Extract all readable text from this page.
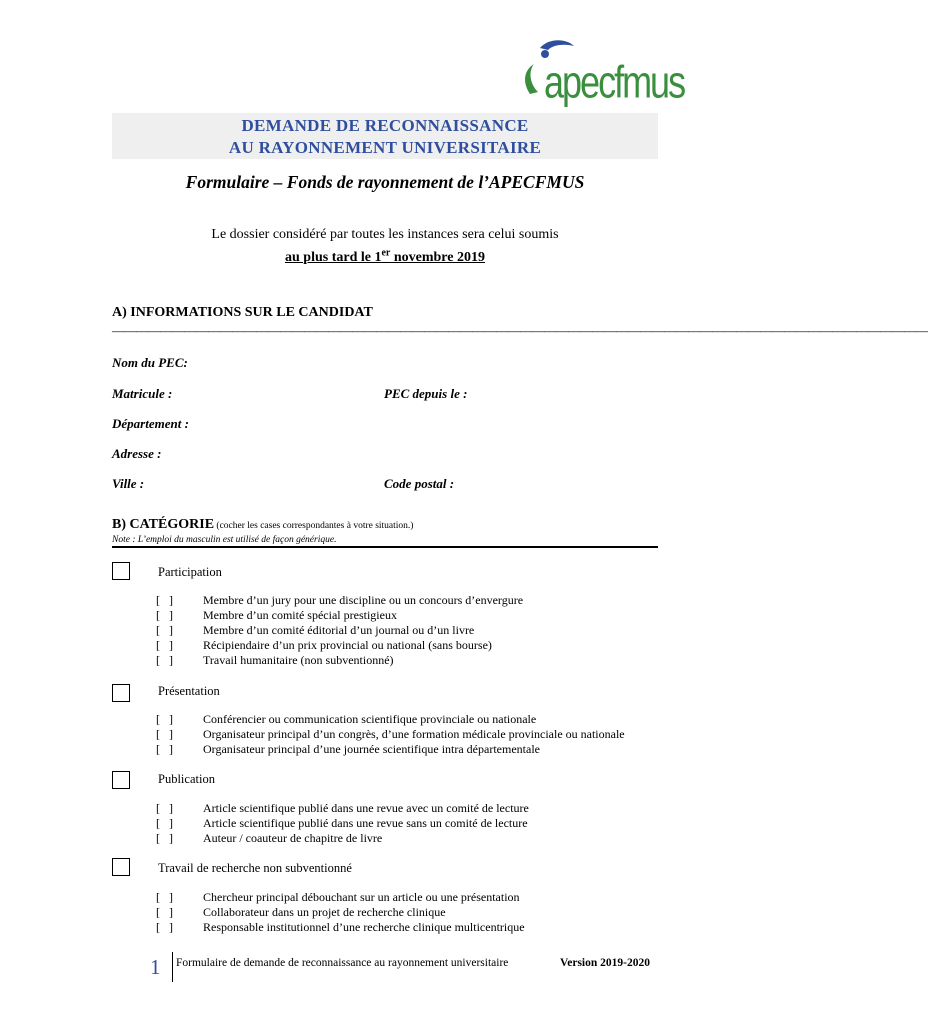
apecfmus
DEMANDE DE RECONNAISSANCE
AU RAYONNEMENT UNIVERSITAIRE
Formulaire – Fonds de rayonnement de l’APECFMUS
Le dossier considéré par toutes les instances sera celui soumis
au plus tard le 1er novembre 2019
A) INFORMATIONS SUR LE CANDIDAT
————————————————————————————————————————————————————————————————————
Nom du PEC:
Matricule :	PEC depuis le :
Département :
Adresse :
Ville :	Code postal :
B) CATÉGORIE (cocher les cases correspondantes à votre situation.)
Note : L’emploi du masculin est utilisé de façon générique.
Participation
[ ]	Membre d’un jury pour une discipline ou un concours d’envergure
[ ]	Membre d’un comité spécial prestigieux
[ ]	Membre d’un comité éditorial d’un journal ou d’un livre
[ ]	Récipiendaire d’un prix provincial ou national (sans bourse)
[ ]	Travail humanitaire (non subventionné)
Présentation
[ ]	Conférencier ou communication scientifique provinciale ou nationale
[ ]	Organisateur principal d’un congrès, d’une formation médicale provinciale ou nationale
[ ]	Organisateur principal d’une journée scientifique intra départementale
Publication
[ ]	Article scientifique publié dans une revue avec un comité de lecture
[ ]	Article scientifique publié dans une revue sans un comité de lecture
[ ]	Auteur / coauteur de chapitre de livre
Travail de recherche non subventionné
[ ]	Chercheur principal débouchant sur un article ou une présentation
[ ]	Collaborateur dans un projet de recherche clinique
[ ]	Responsable institutionnel d’une recherche clinique multicentrique
1 Formulaire de demande de reconnaissance au rayonnement universitaire	Version 2019-2020
